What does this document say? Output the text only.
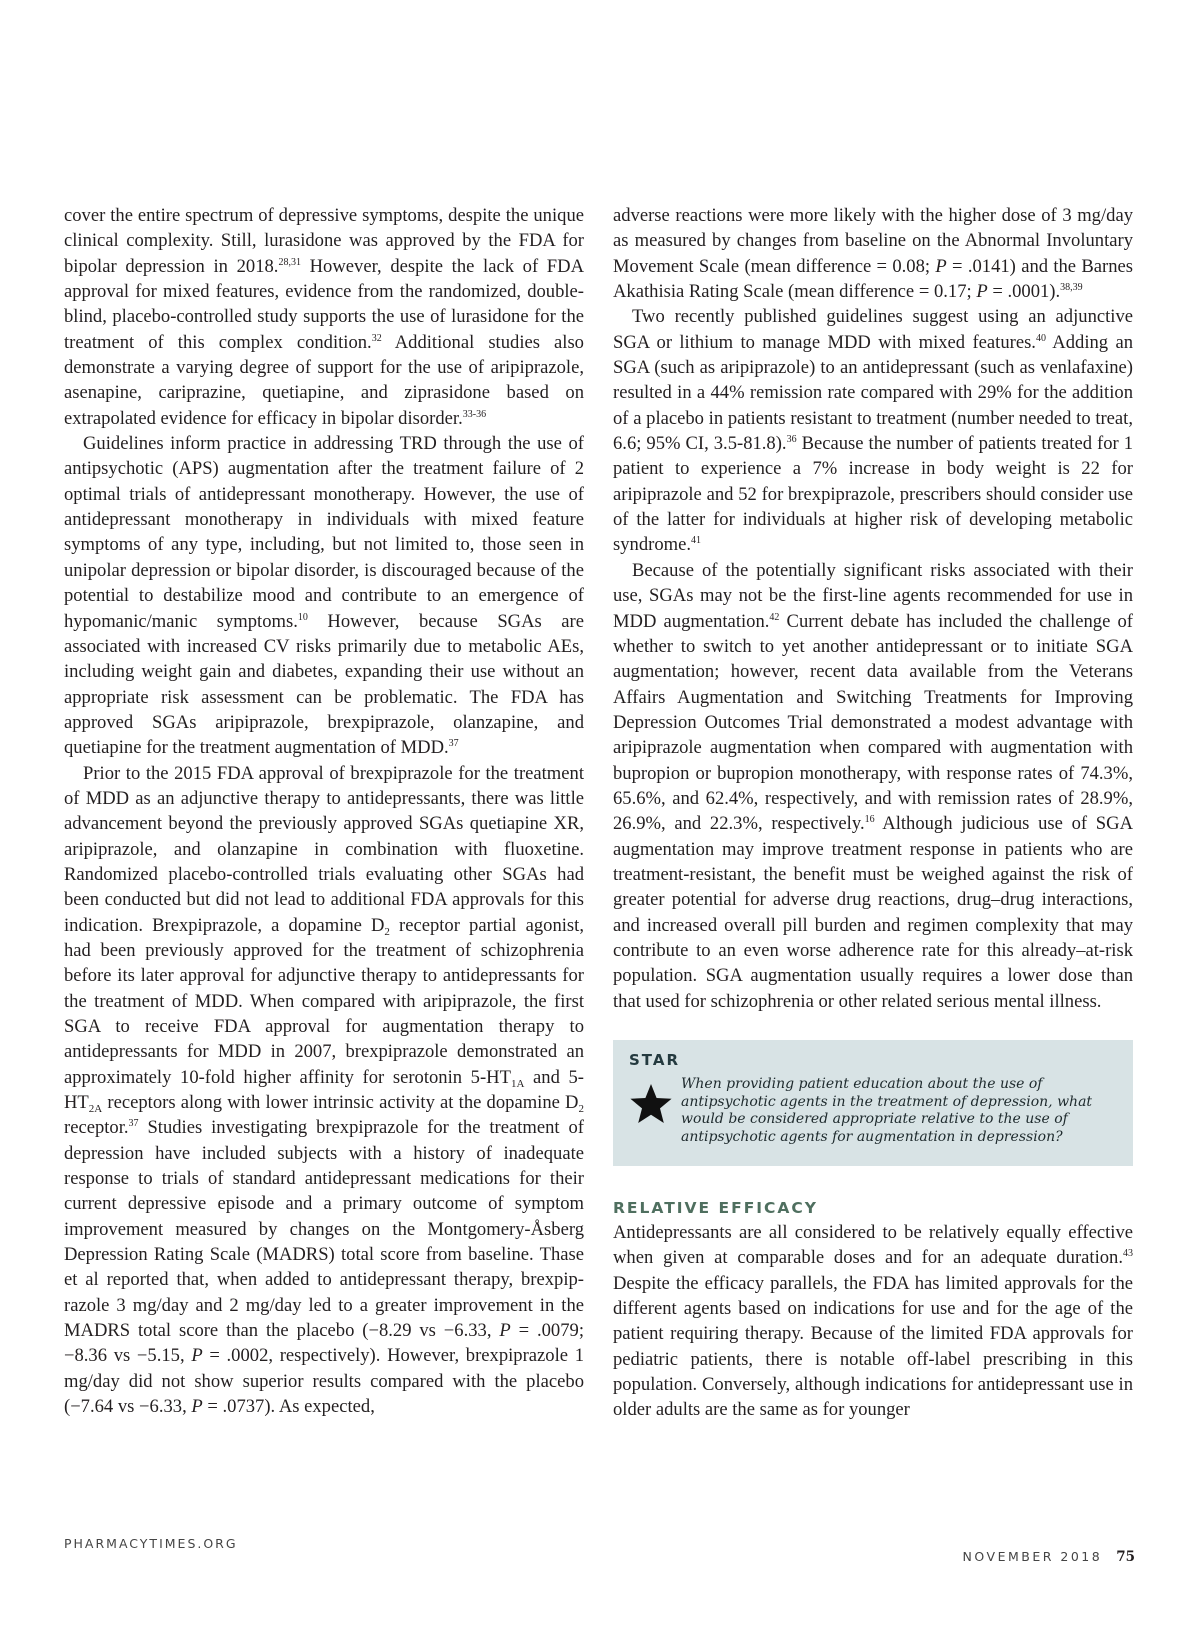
cover the entire spectrum of depressive symptoms, despite the unique clinical complexity. Still, lurasidone was approved by the FDA for bipolar depression in 2018.$^{28,31}$ However, despite the lack of FDA approval for mixed features, evidence from the randomized, double-blind, placebo-controlled study supports the use of lurasidone for the treatment of this complex condition.$^{32}$ Additional studies also demonstrate a varying degree of support for the use of aripiprazole, asenapine, cariprazine, quetiapine, and ziprasidone based on extrapolated evidence for efficacy in bipolar disorder.$^{33-36}$

Guidelines inform practice in addressing TRD through the use of antipsychotic (APS) augmentation after the treatment failure of 2 optimal trials of antidepressant monotherapy. However, the use of antidepressant monotherapy in individuals with mixed feature symptoms of any type, including, but not limited to, those seen in unipolar depression or bipolar disorder, is discouraged because of the potential to destabilize mood and contribute to an emergence of hypomanic/manic symptoms.$^{10}$ However, because SGAs are associated with increased CV risks primarily due to metabolic AEs, including weight gain and diabetes, expanding their use without an appropriate risk assessment can be problematic. The FDA has approved SGAs aripiprazole, brexpiprazole, olanzapine, and quetiapine for the treatment augmentation of MDD.$^{37}$

Prior to the 2015 FDA approval of brexpiprazole for the treatment of MDD as an adjunctive therapy to antidepressants, there was little advancement beyond the previously approved SGAs quetiapine XR, aripiprazole, and olanzapine in combination with fluoxetine. Randomized placebo-controlled trials evaluating other SGAs had been conducted but did not lead to additional FDA approvals for this indication. Brexpiprazole, a dopamine $D_2$ receptor partial agonist, had been previously approved for the treatment of schizophrenia before its later approval for adjunctive therapy to antidepressants for the treatment of MDD. When compared with aripiprazole, the first SGA to receive FDA approval for augmentation therapy to antidepressants for MDD in 2007, brexpiprazole demonstrated an approximately 10-fold higher affinity for serotonin $5-HT_{1A}$ and $5-HT_{2A}$ receptors along with lower intrinsic activity at the dopamine $D_2$ receptor.$^{37}$ Studies investigating brexpiprazole for the treatment of depression have included subjects with a history of inadequate response to trials of standard antidepressant medications for their current depressive episode and a primary outcome of symptom improvement measured by changes on the Montgomery-Åsberg Depression Rating Scale (MADRS) total score from baseline. Thase et al reported that, when added to antidepressant therapy, brexpiprazole 3 mg/day and 2 mg/day led to a greater improvement in the MADRS total score than the placebo (−8.29 vs −6.33, P = .0079; −8.36 vs −5.15, P = .0002, respectively). However, brexpiprazole 1 mg/day did not show superior results compared with the placebo (−7.64 vs −6.33, P = .0737). As expected,

adverse reactions were more likely with the higher dose of 3 mg/day as measured by changes from baseline on the Abnormal Involuntary Movement Scale (mean difference = 0.08; P = .0141) and the Barnes Akathisia Rating Scale (mean difference = 0.17; P = .0001).$^{38,39}$

Two recently published guidelines suggest using an adjunctive SGA or lithium to manage MDD with mixed features.$^{40}$ Adding an SGA (such as aripiprazole) to an antidepressant (such as venlafaxine) resulted in a 44% remission rate compared with 29% for the addition of a placebo in patients resistant to treatment (number needed to treat, 6.6; 95% CI, 3.5-81.8).$^{36}$ Because the number of patients treated for 1 patient to experience a 7% increase in body weight is 22 for aripiprazole and 52 for brexpiprazole, prescribers should consider use of the latter for individuals at higher risk of developing metabolic syndrome.$^{41}$

Because of the potentially significant risks associated with their use, SGAs may not be the first-line agents recommended for use in MDD augmentation.$^{42}$ Current debate has included the challenge of whether to switch to yet another antidepressant or to initiate SGA augmentation; however, recent data available from the Veterans Affairs Augmentation and Switching Treatments for Improving Depression Outcomes Trial demonstrated a modest advantage with aripiprazole augmentation when compared with augmentation with bupropion or bupropion monotherapy, with response rates of 74.3%, 65.6%, and 62.4%, respectively, and with remission rates of 28.9%, 26.9%, and 22.3%, respectively.$^{16}$ Although judicious use of SGA augmentation may improve treatment response in patients who are treatment-resistant, the benefit must be weighed against the risk of greater potential for adverse drug reactions, drug–drug interactions, and increased overall pill burden and regimen complexity that may contribute to an even worse adherence rate for this already–at-risk population. SGA augmentation usually requires a lower dose than that used for schizophrenia or other related serious mental illness.

STAR
When providing patient education about the use of antipsychotic agents in the treatment of depression, what would be considered appropriate relative to the use of antipsychotic agents for augmentation in depression?
RELATIVE EFFICACY

Antidepressants are all considered to be relatively equally effective when given at comparable doses and for an adequate duration.$^{43}$ Despite the efficacy parallels, the FDA has limited approvals for the different agents based on indications for use and for the age of the patient requiring therapy. Because of the limited FDA approvals for pediatric patients, there is notable off-label prescribing in this population. Conversely, although indications for antidepressant use in older adults are the same as for younger

PHARMACYTIMES.ORG
NOVEMBER 2018 75
